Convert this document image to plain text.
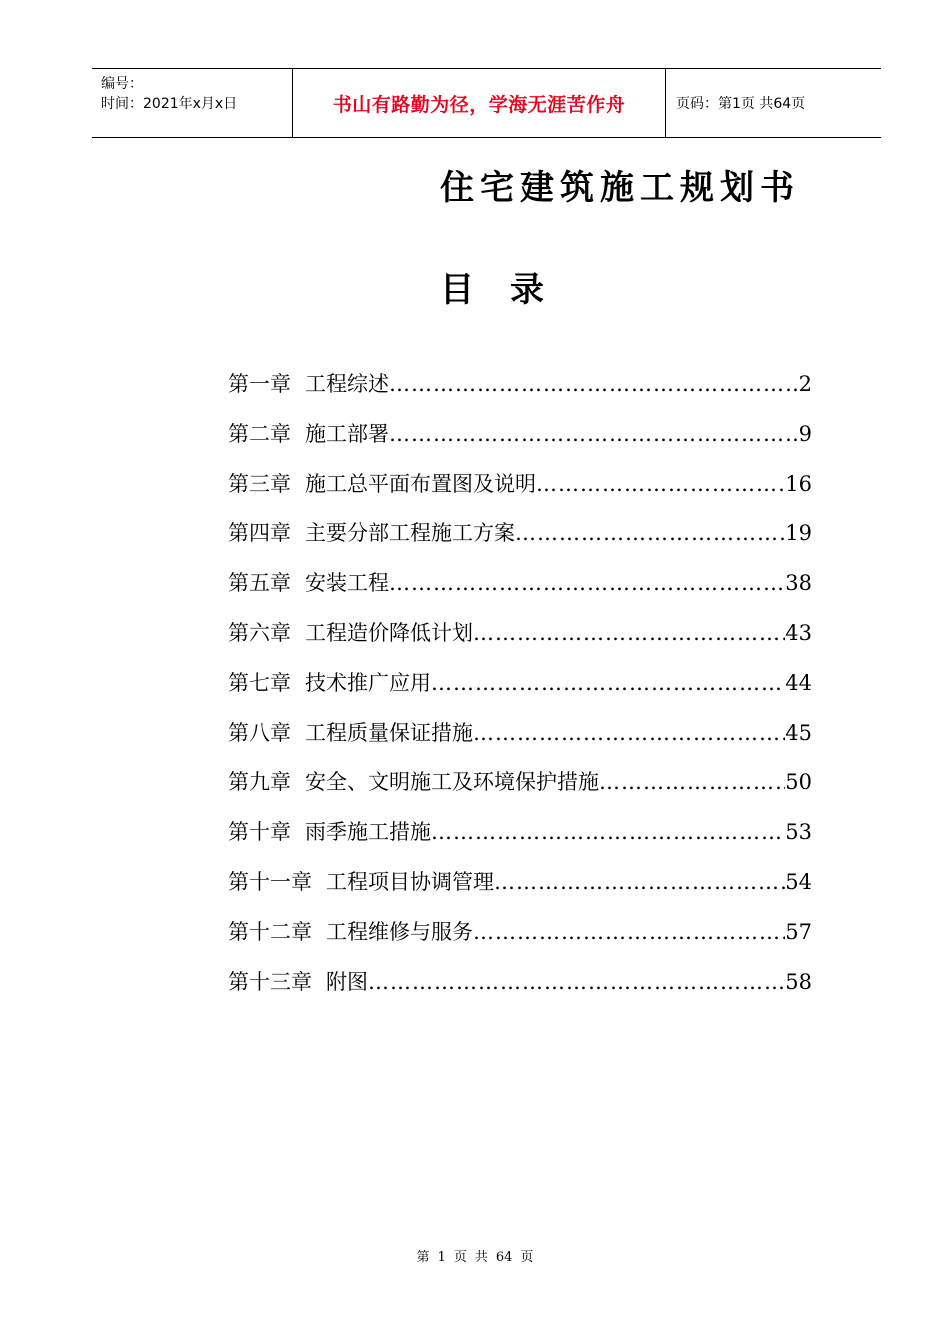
编号：
时间：2021年x月x日	书山有路勤为径，学海无涯苦作舟	页码：第1页 共64页
住宅建筑施工规划书
目录
第一章 工程综述 ………………………………………………………………………………………………………………	2
第二章 施工部署 ………………………………………………………………………………………………………………	9
第三章 施工总平面布置图及说明 ………………………………………………………………………………………………………………	16
第四章 主要分部工程施工方案 ………………………………………………………………………………………………………………	19
第五章 安装工程 ………………………………………………………………………………………………………………	38
第六章 工程造价降低计划 ………………………………………………………………………………………………………………	43
第七章 技术推广应用 ………………………………………………………………………………………………………………	44
第八章 工程质量保证措施 ………………………………………………………………………………………………………………	45
第九章 安全、文明施工及环境保护措施 ………………………………………………………………………………………………………………	50
第十章 雨季施工措施 ………………………………………………………………………………………………………………	53
第十一章 工程项目协调管理 ………………………………………………………………………………………………………………	54
第十二章 工程维修与服务 ………………………………………………………………………………………………………………	57
第十三章 附图 ………………………………………………………………………………………………………………	58
第 1 页 共 64 页
